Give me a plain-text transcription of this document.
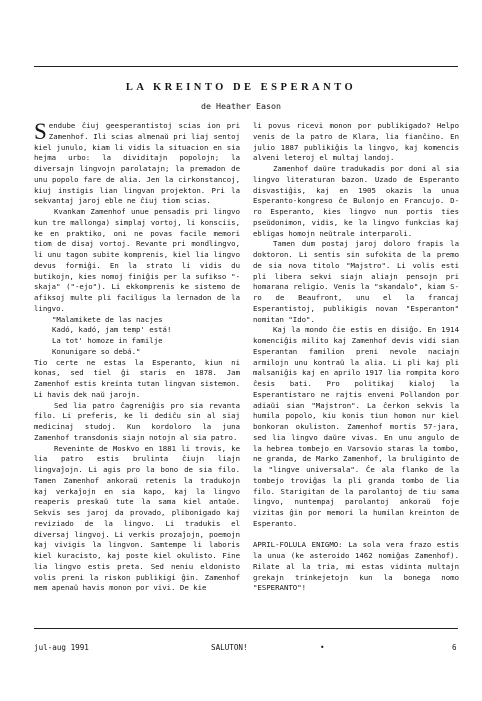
LA KREINTO DE ESPERANTO
de Heather Eason

Sendube ĉiuj geesperantistoj scias ion pri Zamenhof. Ili scias almenaŭ pri liaj sentoj kiel junulo, kiam li vidis la situacion en sia hejma urbo: la dividitajn popolojn; la diversajn lingvojn parolatajn; la premadon de unu popolo fare de alia. Jen la cirkonstancoj, kiuj instigis lian lingvan projekton. Pri la sekvantaj jaroj eble ne ĉiuj tiom scias.

Kvankam Zamenhof unue pensadis pri lingvo kun tre mallonga) simplaj vortoj, li konsciis, ke en praktiko, oni ne povas facile memori tiom de disaj vortoj. Revante pri mondlingvo, li unu tagon subite komprenis, kiel lia lingvo devus formiĝi. En la strato li vidis du butikojn, kies nomoj finiĝis per la sufikso "-skaja" ("-ejo"). Li ekkomprenis ke sistemo de afiksoj multe pli faciligus la lernadon de la lingvo.

"Malamikete de las nacjes

Kadó, kadó, jam temp' está!

La tot' homoze in familje

Konunigare so debá."

Tio certe ne estas la Esperanto, kiun ni konas, sed tiel ĝi staris en 1878. Jam Zamenhof estis kreinta tutan lingvan sistemon. Li havis dek naŭ jarojn.

Sed lia patro ĉagreniĝis pro sia revanta filo. Li preferis, ke li dediĉu sin al siaj medicinaj studoj. Kun kordoloro la juna Zamenhof transdonis siajn notojn al sia patro.

Reveninte de Moskvo en 1881 li trovis, ke lia patro estis brulinta ĉiujn liajn lingvaĵojn. Li agis pro la bono de sia filo. Tamen Zamenhof ankoraŭ retenis la tradukojn kaj verkaĵojn en sia kapo, kaj la lingvo reaperis preskaŭ tute la sama kiel antaŭe. Sekvis ses jaroj da provado, plibonigado kaj reviziado de la lingvo. Li tradukis el diversaj lingvoj. Li verkis prozaĵojn, poemojn kaj vivigis la lingvon. Samtempe li laboris kiel kuracisto, kaj poste kiel okulisto. Fine lia lingvo estis preta. Sed neniu eldonisto volis preni la riskon publikigi ĝin. Zamenhof mem apenaŭ havis monon por vivi. De kie

li povus ricevi monon por publikigado? Helpo venis de la patro de Klara, lia fianĉino. En julio 1887 publikiĝis la lingvo, kaj komencis alveni leteroj el multaj landoj.

Zamenhof daŭre tradukadis por doni al sia lingvo literaturan bazon. Uzado de Esperanto disvastiĝis, kaj en 1905 okazis la unua Esperanto-kongreso ĉe Bulonjo en Francujo. D-ro Esperanto, kies lingvo nun portis ties pseŭdonimon, vidis, ke la lingvo funkcias kaj ebligas homojn neŭtrale interparoli.

Tamen dum postaj jaroj doloro frapis la doktoron. Li sentis sin sufokita de la premo de sia nova titolo "Majstro". Li volis esti pli libera sekvi siajn aliajn pensojn pri homarana religio. Venis la "skandalo", kiam S-ro de Beaufront, unu el la francaj Esperantistoj, publikigis novan "Esperanton" nomitan "Ido".

Kaj la mondo ĉie estis en disiĝo. En 1914 komenciĝis milito kaj Zamenhof devis vidi sian Esperantan familion preni nevole naciajn armilojn unu kontraŭ la alia. Li pli kaj pli malsaniĝis kaj en aprilo 1917 lia rompita koro ĉesis bati. Pro politikaj kialoj la Esperantistaro ne rajtis enveni Pollandon por adiaŭi sian "Majstron". La ĉerkon sekvis la humila popolo, kiu konis tiun homon nur kiel bonkoran okuliston. Zamenhof mortis 57-jara, sed lia lingvo daŭre vivas. En unu angulo de la hebrea tombejo en Varsovio staras la tombo, ne granda, de Marko Zamenhof, la bruliginto de la "lingve universala". Ĉe ala flanko de la tombejo troviĝas la pli granda tombo de lia filo. Starigitan de la parolantoj de tiu sama lingvo, nuntempaj parolantoj ankoraŭ foje vizitas ĝin por memori la humilan kreinton de Esperanto.

APRIL-FOLULA ENIGMO: La sola vera frazo estis la unua (ke asteroido 1462 nomiĝas Zamenhof). Rilate al la tria, mi estas vidinta multajn grekajn trinkejetojn kun la bonega nomo "ESPERANTO"!

jul-aug 1991	SALUTON!	•	6
